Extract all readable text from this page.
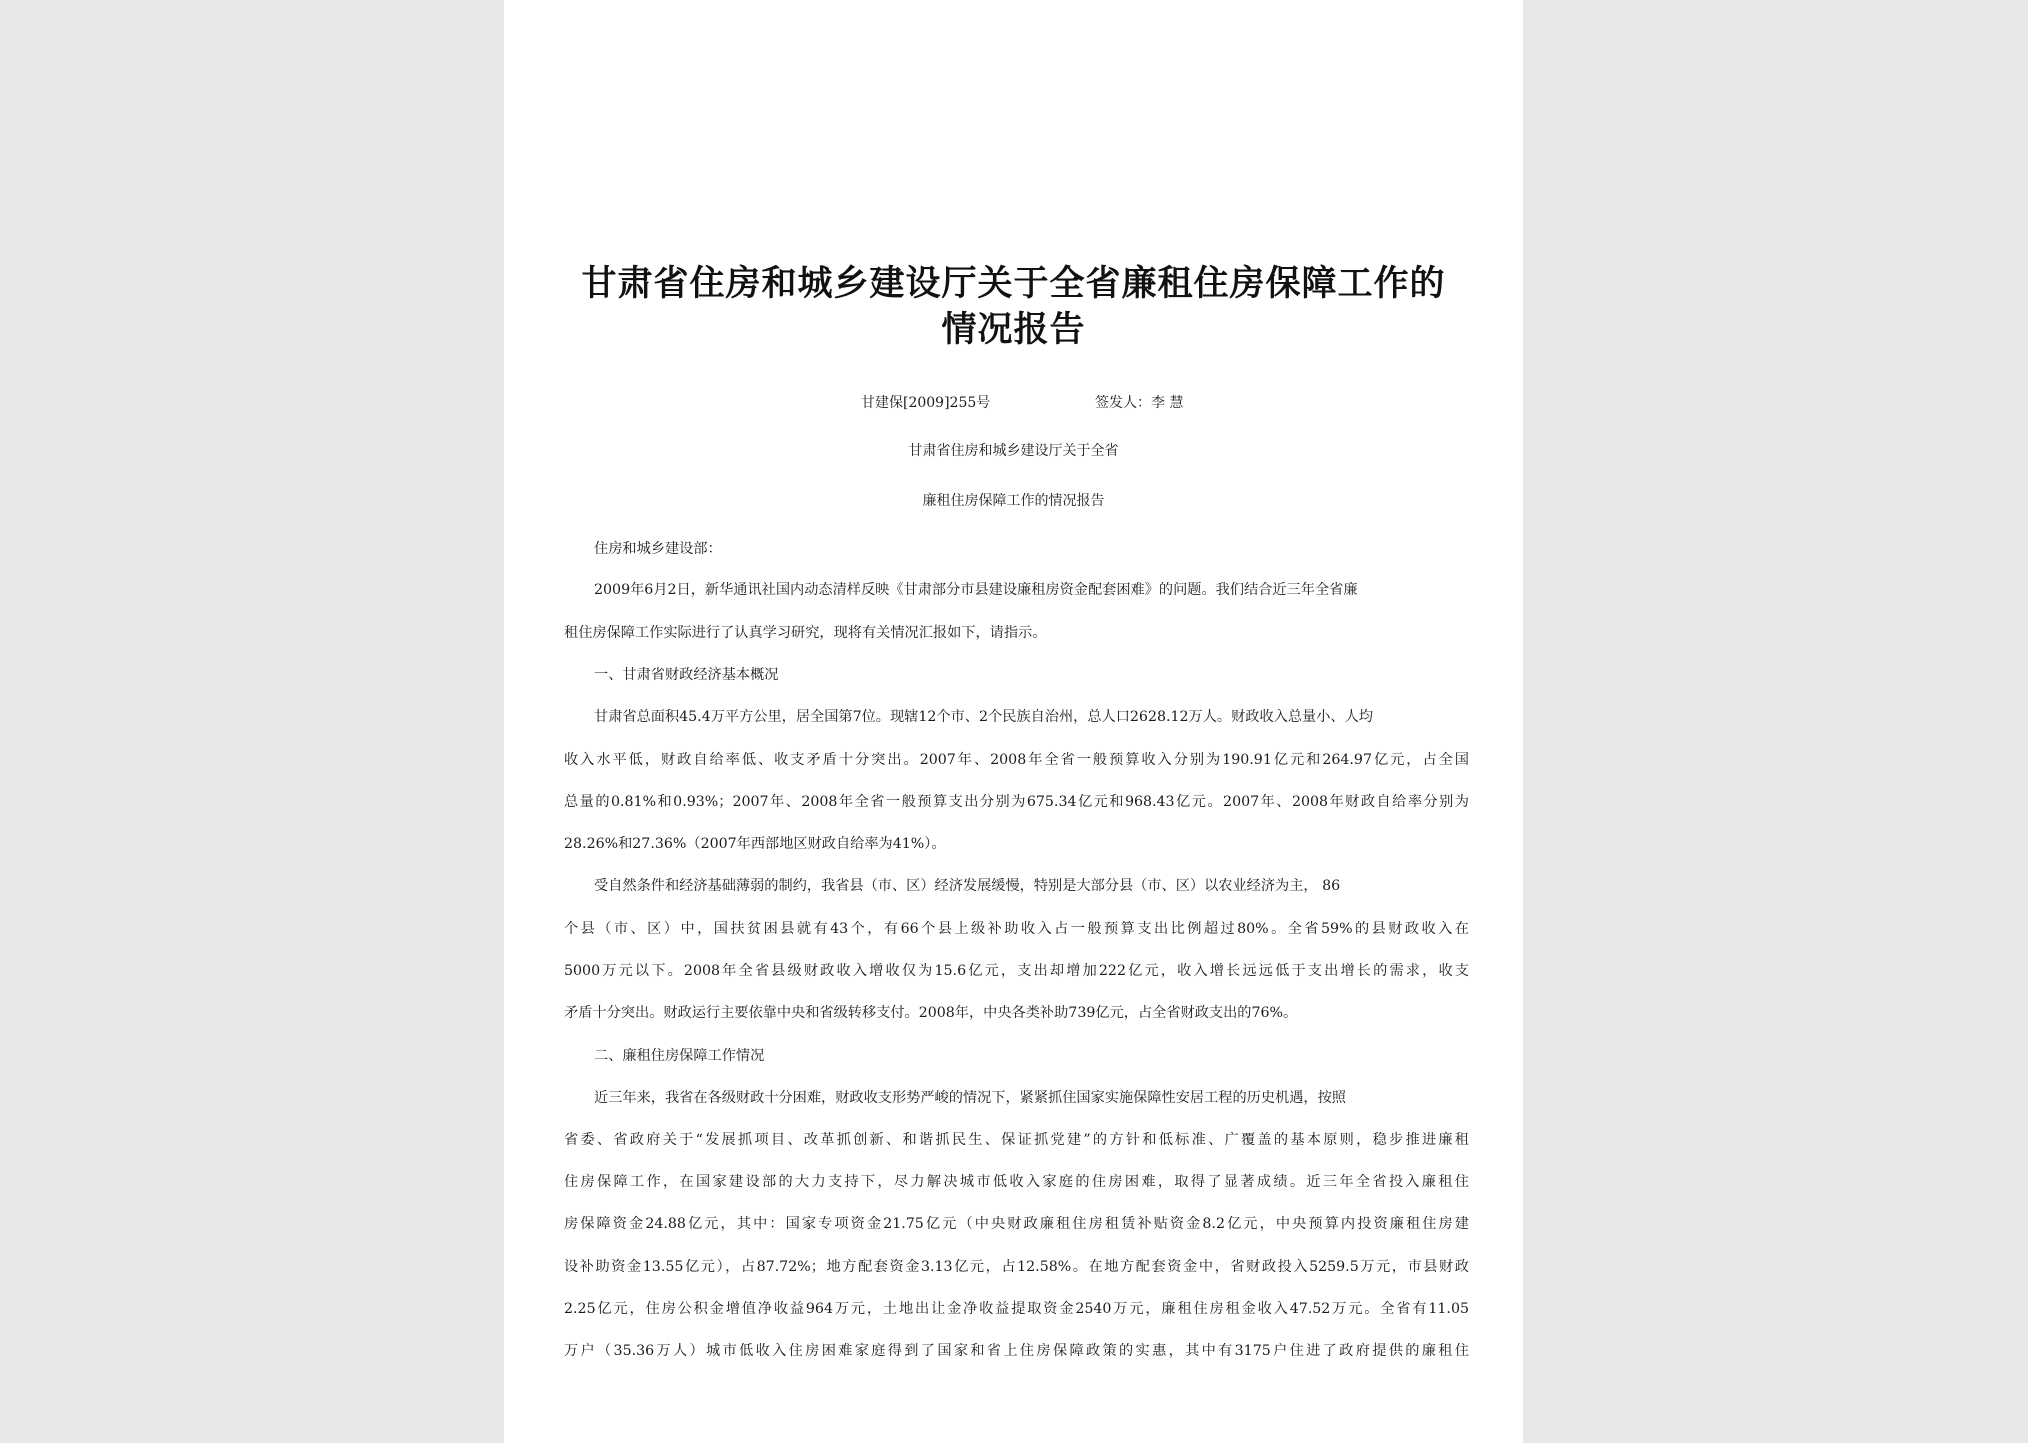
甘肃省住房和城乡建设厅关于全省廉租住房保障工作的
情况报告
甘建保[2009]255号	签发人：李 慧
甘肃省住房和城乡建设厅关于全省
廉租住房保障工作的情况报告
住房和城乡建设部：
2009年6月2日，新华通讯社国内动态清样反映《甘肃部分市县建设廉租房资金配套困难》的问题。我们结合近三年全省廉
租住房保障工作实际进行了认真学习研究，现将有关情况汇报如下，请指示。
一、甘肃省财政经济基本概况
甘肃省总面积45.4万平方公里，居全国第7位。现辖12个市、2个民族自治州，总人口2628.12万人。财政收入总量小、人均
收入水平低，财政自给率低、收支矛盾十分突出。2007年、2008年全省一般预算收入分别为190.91亿元和264.97亿元，占全国
总量的0.81%和0.93%；2007年、2008年全省一般预算支出分别为675.34亿元和968.43亿元。2007年、2008年财政自给率分别为
28.26%和27.36%（2007年西部地区财政自给率为41%）。
受自然条件和经济基础薄弱的制约，我省县（市、区）经济发展缓慢，特别是大部分县（市、区）以农业经济为主， 86
个县（市、区）中，国扶贫困县就有43个，有66个县上级补助收入占一般预算支出比例超过80%。全省59%的县财政收入在
5000万元以下。2008年全省县级财政收入增收仅为15.6亿元，支出却增加222亿元，收入增长远远低于支出增长的需求，收支
矛盾十分突出。财政运行主要依靠中央和省级转移支付。2008年，中央各类补助739亿元，占全省财政支出的76%。
二、廉租住房保障工作情况
近三年来，我省在各级财政十分困难，财政收支形势严峻的情况下，紧紧抓住国家实施保障性安居工程的历史机遇，按照
省委、省政府关于“发展抓项目、改革抓创新、和谐抓民生、保证抓党建”的方针和低标准、广覆盖的基本原则，稳步推进廉租
住房保障工作，在国家建设部的大力支持下，尽力解决城市低收入家庭的住房困难，取得了显著成绩。近三年全省投入廉租住
房保障资金24.88亿元，其中：国家专项资金21.75亿元（中央财政廉租住房租赁补贴资金8.2亿元，中央预算内投资廉租住房建
设补助资金13.55亿元），占87.72%；地方配套资金3.13亿元，占12.58%。在地方配套资金中，省财政投入5259.5万元，市县财政
2.25亿元，住房公积金增值净收益964万元，土地出让金净收益提取资金2540万元，廉租住房租金收入47.52万元。全省有11.05
万户（35.36万人）城市低收入住房困难家庭得到了国家和省上住房保障政策的实惠，其中有3175户住进了政府提供的廉租住
